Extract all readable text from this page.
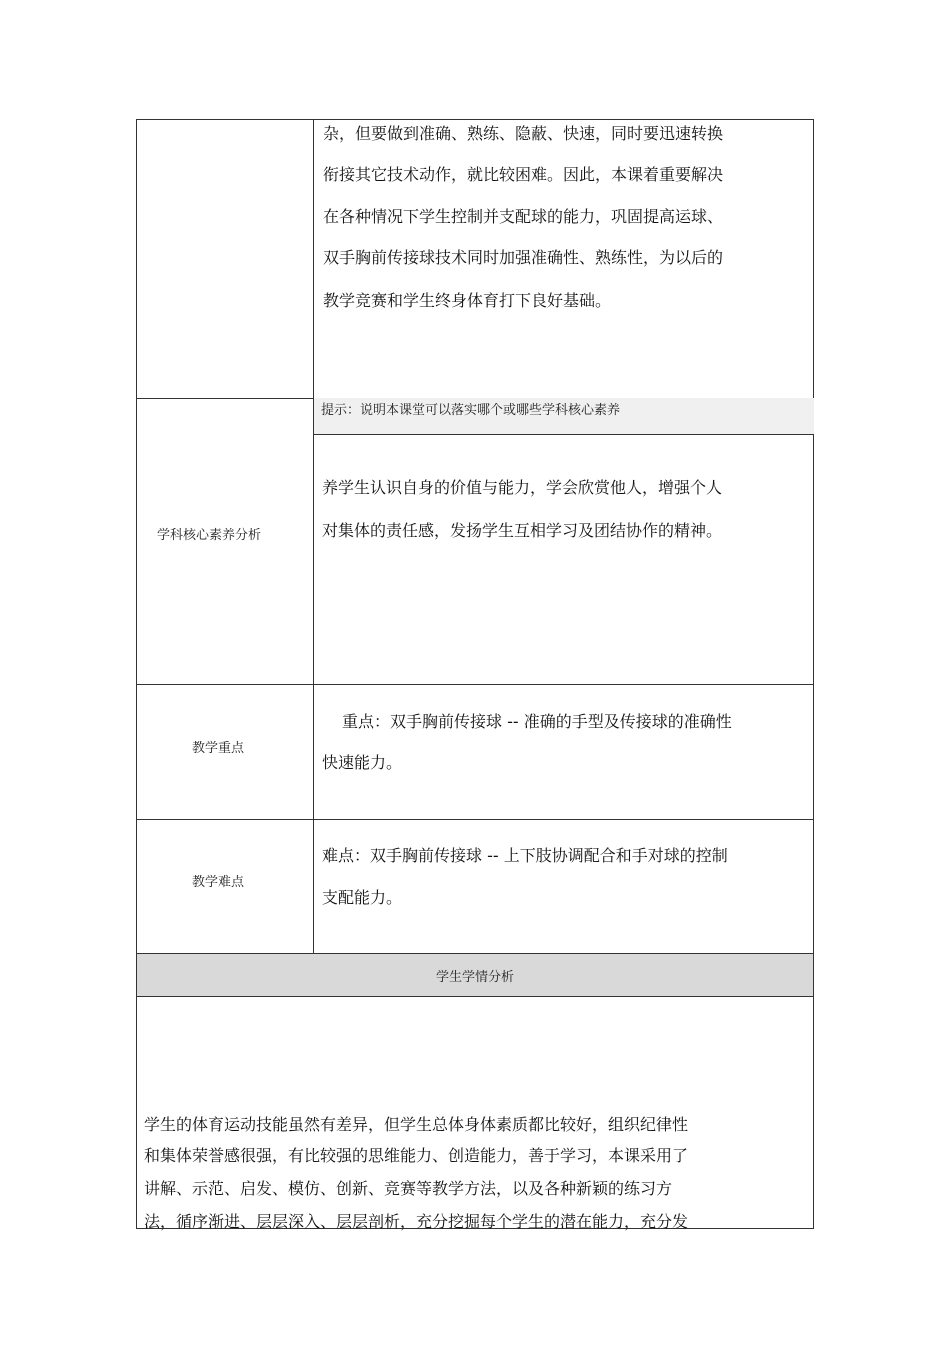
杂，但要做到准确、熟练、隐蔽、快速，同时要迅速转换
衔接其它技术动作，就比较困难。因此，本课着重要解决
在各种情况下学生控制并支配球的能力，巩固提高运球、
双手胸前传接球技术同时加强准确性、熟练性，为以后的
教学竞赛和学生终身体育打下良好基础。
学科核心素养分析
提示：说明本课堂可以落实哪个或哪些学科核心素养
养学生认识自身的价值与能力，学会欣赏他人，增强个人
对集体的责任感，发扬学生互相学习及团结协作的精神。
教学重点
重点：双手胸前传接球 -- 准确的手型及传接球的准确性
快速能力。
教学难点
难点：双手胸前传接球 -- 上下肢协调配合和手对球的控制
支配能力。
学生学情分析
学生的体育运动技能虽然有差异，但学生总体身体素质都比较好，组织纪律性
和集体荣誉感很强，有比较强的思维能力、创造能力，善于学习，本课采用了
讲解、示范、启发、模仿、创新、竞赛等教学方法，以及各种新颖的练习方
法，循序渐进、层层深入、层层剖析，充分挖掘每个学生的潜在能力，充分发
